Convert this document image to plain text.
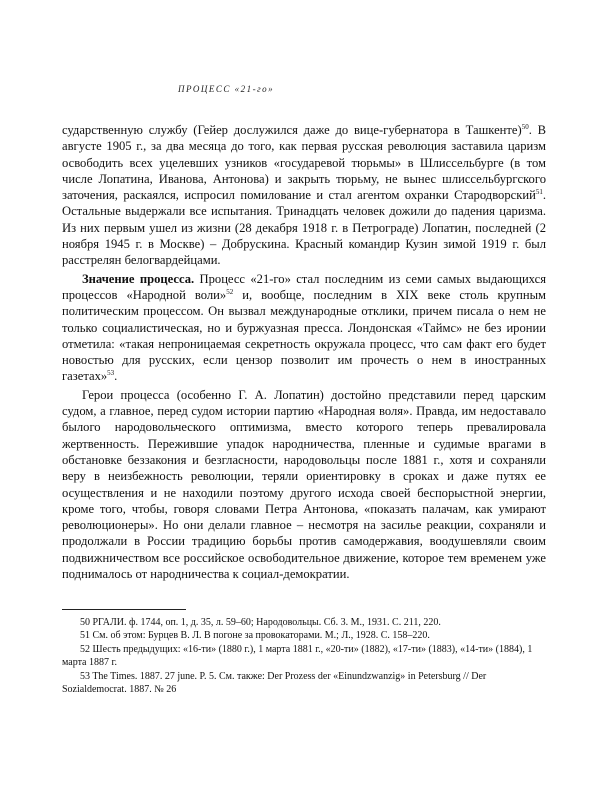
ПРОЦЕСС «21-го»

сударственную службу (Гейер дослужился даже до вице-губернатора в Ташкенте)$^{50}$. В августе 1905 г., за два месяца до того, как первая русская революция заставила царизм освободить всех уцелевших узников «государевой тюрьмы» в Шлиссельбурге (в том числе Лопатина, Иванова, Антонова) и закрыть тюрьму, не вынес шлиссельбургского заточения, раскаялся, испросил помилование и стал агентом охранки Стародворский$^{51}$. Остальные выдержали все испытания. Тринадцать человек дожили до падения царизма. Из них первым ушел из жизни (28 декабря 1918 г. в Петрограде) Лопатин, последней (2 ноября 1945 г. в Москве) – Добрускина. Красный командир Кузин зимой 1919 г. был расстрелян белогвардейцами.

Значение процесса. Процесс «21-го» стал последним из семи самых выдающихся процессов «Народной воли»$^{52}$ и, вообще, последним в XIX веке столь крупным политическим процессом. Он вызвал международные отклики, причем писала о нем не только социалистическая, но и буржуазная пресса. Лондонская «Таймс» не без иронии отметила: «такая непроницаемая секретность окружала процесс, что сам факт его будет новостью для русских, если цензор позволит им прочесть о нем в иностранных газетах»$^{53}$.

Герои процесса (особенно Г. А. Лопатин) достойно представили перед царским судом, а главное, перед судом истории партию «Народная воля». Правда, им недоставало былого народовольческого оптимизма, вместо которого теперь превалировала жертвенность. Пережившие упадок народничества, пленные и судимые врагами в обстановке беззакония и безгласности, народовольцы после 1881 г., хотя и сохраняли веру в неизбежность революции, теряли ориентировку в сроках и даже путях ее осуществления и не находили поэтому другого исхода своей беспорыстной энергии, кроме того, чтобы, говоря словами Петра Антонова, «показать палачам, как умирают революционеры». Но они делали главное – несмотря на засилье реакции, сохраняли и продолжали в России традицию борьбы против самодержавия, воодушевляли своим подвижничеством все российское освободительное движение, которое тем временем уже поднималось от народничества к социал-демократии.

50 РГАЛИ. ф. 1744, оп. 1, д. 35, л. 59–60; Народовольцы. Сб. 3. М., 1931. С. 211, 220.

51 См. об этом: Бурцев В. Л. В погоне за провокаторами. М.; Л., 1928. С. 158–220.

52 Шесть предыдущих: «16-ти» (1880 г.), 1 марта 1881 г., «20-ти» (1882), «17-ти» (1883), «14-ти» (1884), 1 марта 1887 г.

53 The Times. 1887. 27 june. P. 5. См. также: Der Prozess der «Einundzwanzig» in Petersburg // Der Sozialdemocrat. 1887. № 26
